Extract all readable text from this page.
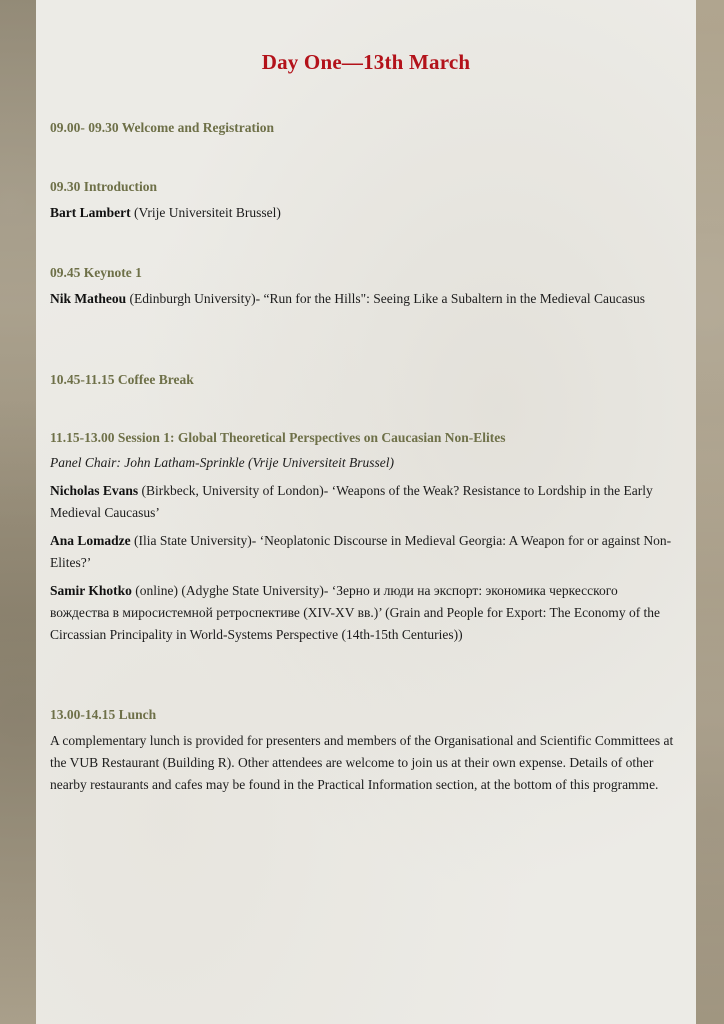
Day One—13th March

09.00- 09.30 Welcome and Registration

09.30 Introduction

Bart Lambert (Vrije Universiteit Brussel)

09.45 Keynote 1

Nik Matheou (Edinburgh University)- “Run for the Hills": Seeing Like a Subaltern in the Medieval Caucasus

10.45-11.15 Coffee Break

11.15-13.00 Session 1: Global Theoretical Perspectives on Caucasian Non-Elites

Panel Chair: John Latham-Sprinkle (Vrije Universiteit Brussel)

Nicholas Evans (Birkbeck, University of London)- ‘Weapons of the Weak? Resistance to Lordship in the Early Medieval Caucasus’

Ana Lomadze (Ilia State University)- ‘Neoplatonic Discourse in Medieval Georgia: A Weapon for or against Non-Elites?’

Samir Khotko (online) (Adyghe State University)- ‘Зерно и люди на экспорт: экономика черкесского вождества в миросистемной ретроспективе (XIV-XV вв.)’ (Grain and People for Export: The Economy of the Circassian Principality in World-Systems Perspective (14th-15th Centuries))

13.00-14.15 Lunch

A complementary lunch is provided for presenters and members of the Organisational and Scientific Committees at the VUB Restaurant (Building R). Other attendees are welcome to join us at their own expense. Details of other nearby restaurants and cafes may be found in the Practical Information section, at the bottom of this programme.
